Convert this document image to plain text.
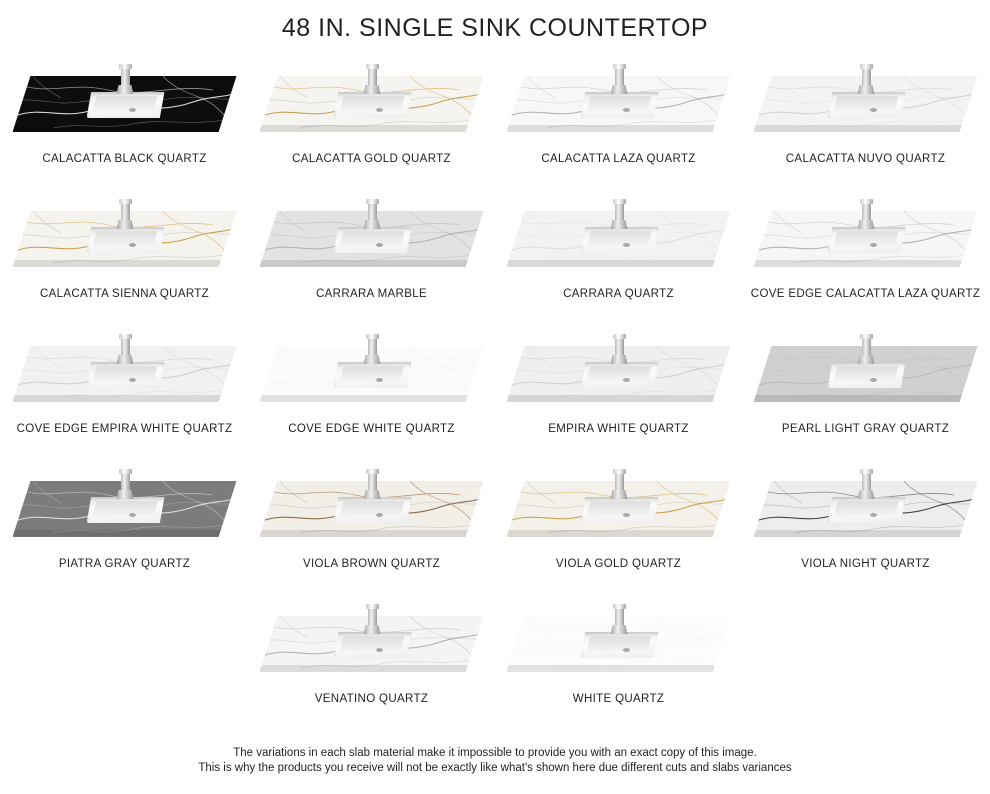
48 IN. SINGLE SINK COUNTERTOP
CALACATTA BLACK QUARTZ	CALACATTA GOLD QUARTZ	CALACATTA LAZA QUARTZ	CALACATTA NUVO QUARTZ
CALACATTA SIENNA QUARTZ	CARRARA MARBLE	CARRARA QUARTZ	COVE EDGE CALACATTA LAZA QUARTZ
COVE EDGE EMPIRA WHITE QUARTZ	COVE EDGE WHITE QUARTZ	EMPIRA WHITE QUARTZ	PEARL LIGHT GRAY QUARTZ
PIATRA GRAY QUARTZ	VIOLA BROWN QUARTZ	VIOLA GOLD QUARTZ	VIOLA NIGHT QUARTZ
VENATINO QUARTZ	WHITE QUARTZ
The variations in each slab material make it impossible to provide you with an exact copy of this image.
This is why the products you receive will not be exactly like what's shown here due different cuts and slabs variances
